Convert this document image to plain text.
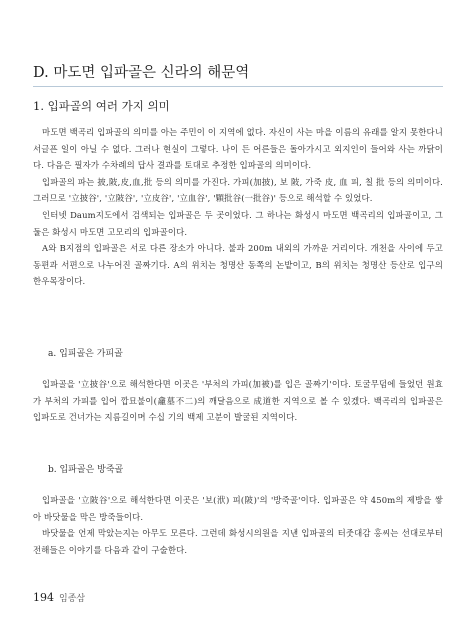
D. 마도면 입파골은 신라의 해문역
1. 입파골의 여러 가지 의미

마도면 백곡리 입파골의 의미를 아는 주민이 이 지역에 없다. 자신이 사는 마을 이름의 유래를 알지 못한다니 서글픈 일이 아닐 수 없다. 그러나 현실이 그렇다. 나이 든 어른들은 돌아가시고 외지인이 들어와 사는 까닭이다. 다음은 필자가 수차례의 답사 결과를 토대로 추정한 입파골의 의미이다.

입파골의 파는 披,陂,皮,血,批 등의 의미를 가진다. 가피(加披), 보 陂, 가죽 皮, 血 피, 칠 批 등의 의미이다. 그러므로 '立披谷', '立陂谷', '立皮谷', '立血谷', '顆批谷(一批谷)' 등으로 해석할 수 있었다.

인터넷 Daum지도에서 검색되는 입파골은 두 곳이었다. 그 하나는 화성시 마도면 백곡리의 입파골이고, 그 둘은 화성시 마도면 고모리의 입파골이다.

A와 B지점의 입파골은 서로 다른 장소가 아니다. 불과 200m 내외의 가까운 거리이다. 개천을 사이에 두고 동편과 서편으로 나누어진 골짜기다. A의 위치는 청명산 동쪽의 논밭이고, B의 위치는 청명산 등산로 입구의 한우목장이다.

a. 입피골은 가피골

입파골을 '立披谷'으로 해석한다면 이곳은 '부처의 가피(加被)를 입은 골짜기'이다. 토굴무덤에 들었던 원효가 부처의 가피를 입어 깝묘불이(龕墓不二)의 깨달음으로 成道한 지역으로 볼 수 있겠다. 백곡리의 입파골은 입파도로 건너가는 지름길이며 수십 기의 백제 고분이 발굴된 지역이다.

b. 입파골은 방죽골

입파골을 '立陂谷'으로 해석한다면 이곳은 '보(洑) 피(陂)'의 '방죽골'이다. 입파골은 약 450m의 제방을 쌓아 바닷물을 막은 방죽들이다.

바닷물을 언제 막았는지는 아무도 모른다. 그런데 화성시의원을 지낸 입파골의 터줏대감 홍씨는 선대로부터 전해들은 이야기를 다음과 같이 구술한다.

194 임종삼
